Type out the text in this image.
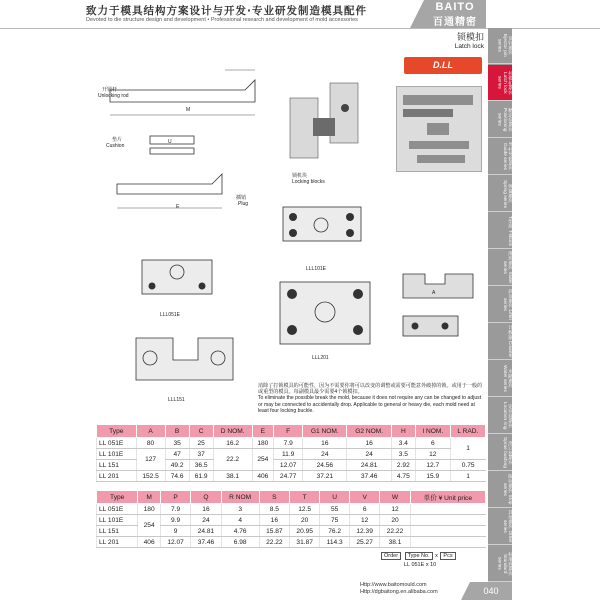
致力于模具结构方案设计与开发·专业研发制造模具配件
Devoted to die structure design and development • Professional research and development of mold accessories
BAITO
百通精密
顶针系列 Ejector pin series
拉模扣系列 Latch lock series
精定位系列 Positioning series
导柱导套系列 Guide series
弹簧系列 Spring series
T型块 T-Block
滑块系列 Slider series
斜顶系列 Lifter series
计数器 Counter
水路系列 Water series
定位环系列 Location ring
浇口套系列 Sprue bushing
限位系列 Stop series
其他系列 Other series
标准件系列 Standard series
锁模扣
Latch lock
D.LL
开锁杆
Unlocking rod
M
垫片
Cushion
U
插销
Plug
E
锁机块
Locking blocks
LLL101E
LLL051E
LLL201
LLL151
A
消除了打锁模具的可能性，因为不需要你将可以改变的调整或需要可能意外破掉的锁。或用于一般的或重型的模具。每副模具最少需要4个锁模扣。
To eliminate the possible break the mold, because it does not require any can be changed to adjust or may be connected to accidentally drop. Applicable to general or heavy die, each mold need at least four locking buckle.
Type	A	B	C	D NOM.	E	F	G1 NOM.	G2 NOM.	H	I NOM.	L RAD.
LL 051E	80	35	25	16.2	180	7.9	16	16	3.4	6	1
LL 101E	127	47	37	22.2	254	11.9	24	24	3.5	12	
LL 151		49.2	36.5			12.07	24.56	24.81	2.92	12.7	0.75
LL 201	152.5	74.6	61.9	38.1	406	24.77	37.21	37.46	4.75	15.9	1
Type	M	P	Q	R NOM	S	T	U	V	W	单价 ¥ Unit price
LL 051E	180	7.9	16	3	8.5	12.5	55	6	12	
LL 101E	254	9.9	24	4	16	20	75	12	20	
LL 151		9	24.81	4.76	15.87	20.95	76.2	12.39	22.22	
LL 201	406	12.07	37.46	6.98	22.22	31.87	114.3	25.27	38.1	
Order Type No. x Pcs
LL 051E x 10
Http://www.baitomould.com
Http://dgbaitong.en.alibaba.com	040
